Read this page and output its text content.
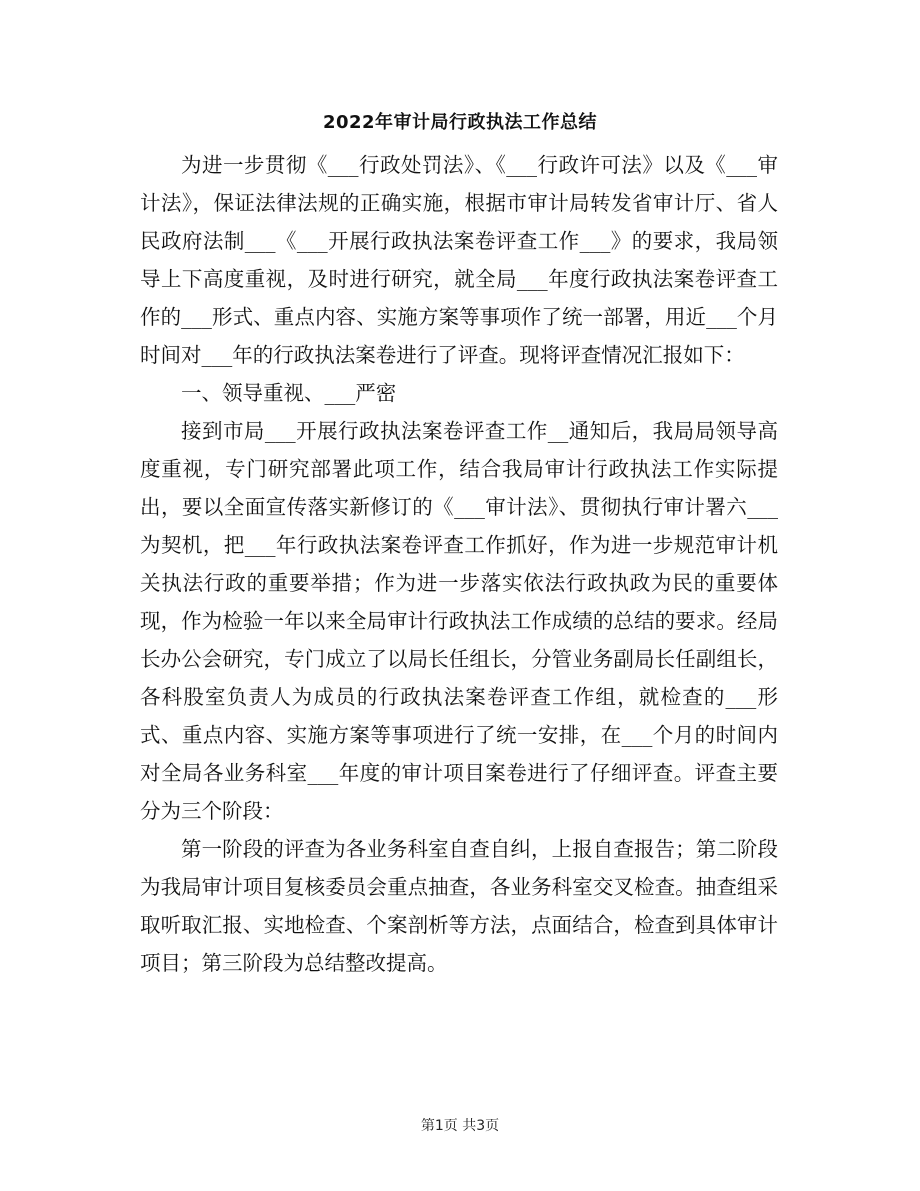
2022年审计局行政执法工作总结

为进一步贯彻《___行政处罚法》、《___行政许可法》以及《___审计法》，保证法律法规的正确实施，根据市审计局转发省审计厅、省人民政府法制___《___开展行政执法案卷评查工作___》的要求，我局领导上下高度重视，及时进行研究，就全局___年度行政执法案卷评查工作的___形式、重点内容、实施方案等事项作了统一部署，用近___个月时间对___年的行政执法案卷进行了评查。现将评查情况汇报如下：

一、领导重视、___严密

接到市局___开展行政执法案卷评查工作__通知后，我局局领导高度重视，专门研究部署此项工作，结合我局审计行政执法工作实际提出，要以全面宣传落实新修订的《___审计法》、贯彻执行审计署六___为契机，把___年行政执法案卷评查工作抓好，作为进一步规范审计机关执法行政的重要举措；作为进一步落实依法行政执政为民的重要体现，作为检验一年以来全局审计行政执法工作成绩的总结的要求。经局长办公会研究，专门成立了以局长任组长，分管业务副局长任副组长，各科股室负责人为成员的行政执法案卷评查工作组，就检查的___形式、重点内容、实施方案等事项进行了统一安排，在___个月的时间内对全局各业务科室___年度的审计项目案卷进行了仔细评查。评查主要分为三个阶段：

第一阶段的评查为各业务科室自查自纠，上报自查报告；第二阶段为我局审计项目复核委员会重点抽查，各业务科室交叉检查。抽查组采取听取汇报、实地检查、个案剖析等方法，点面结合，检查到具体审计项目；第三阶段为总结整改提高。

第1页 共3页
